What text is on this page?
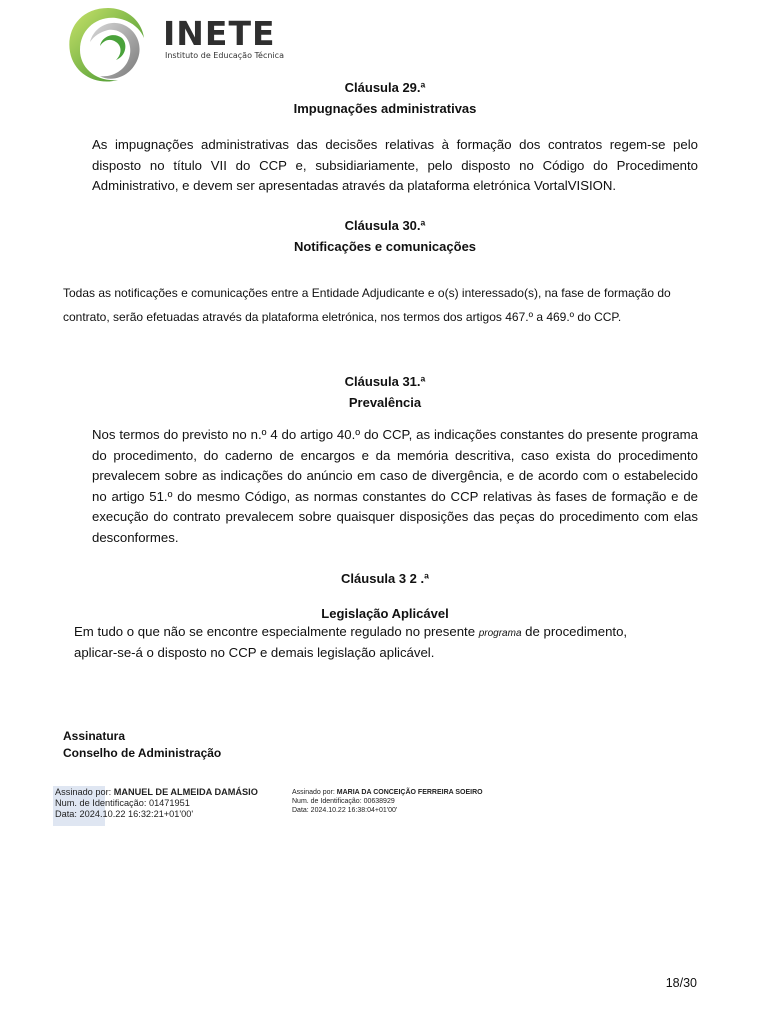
INETE
Instituto de Educação Técnica
Cláusula 29.ª
Impugnações administrativas
As impugnações administrativas das decisões relativas à formação dos contratos regem-se pelo disposto no título VII do CCP e, subsidiariamente, pelo disposto no Código do Procedimento Administrativo, e devem ser apresentadas através da plataforma eletrónica VortalVISION.
Cláusula 30.ª
Notificações e comunicações
Todas as notificações e comunicações entre a Entidade Adjudicante e o(s) interessado(s), na fase de formação do
contrato, serão efetuadas através da plataforma eletrónica, nos termos dos artigos 467.º a 469.º do CCP.
Cláusula 31.ª
Prevalência
Nos termos do previsto no n.º 4 do artigo 40.º do CCP, as indicações constantes do presente programa do procedimento, do caderno de encargos e da memória descritiva, caso exista do procedimento prevalecem sobre as indicações do anúncio em caso de divergência, e de acordo com o estabelecido no artigo 51.º do mesmo Código, as normas constantes do CCP relativas às fases de formação e de execução do contrato prevalecem sobre quaisquer disposições das peças do procedimento com elas desconformes.
Cláusula 3 2 .ª
Legislação Aplicável
Em tudo o que não se encontre especialmente regulado no presente programa de procedimento,
aplicar-se-á o disposto no CCP e demais legislação aplicável.
Assinatura
Conselho de Administração
Assinado por: MANUEL DE ALMEIDA DAMÁSIO
Num. de Identificação: 01471951
Data: 2024.10.22 16:32:21+01'00'
Assinado por: MARIA DA CONCEIÇÃO FERREIRA SOEIRO
Num. de Identificação: 00638929
Data: 2024.10.22 16:38:04+01'00'
18/30
